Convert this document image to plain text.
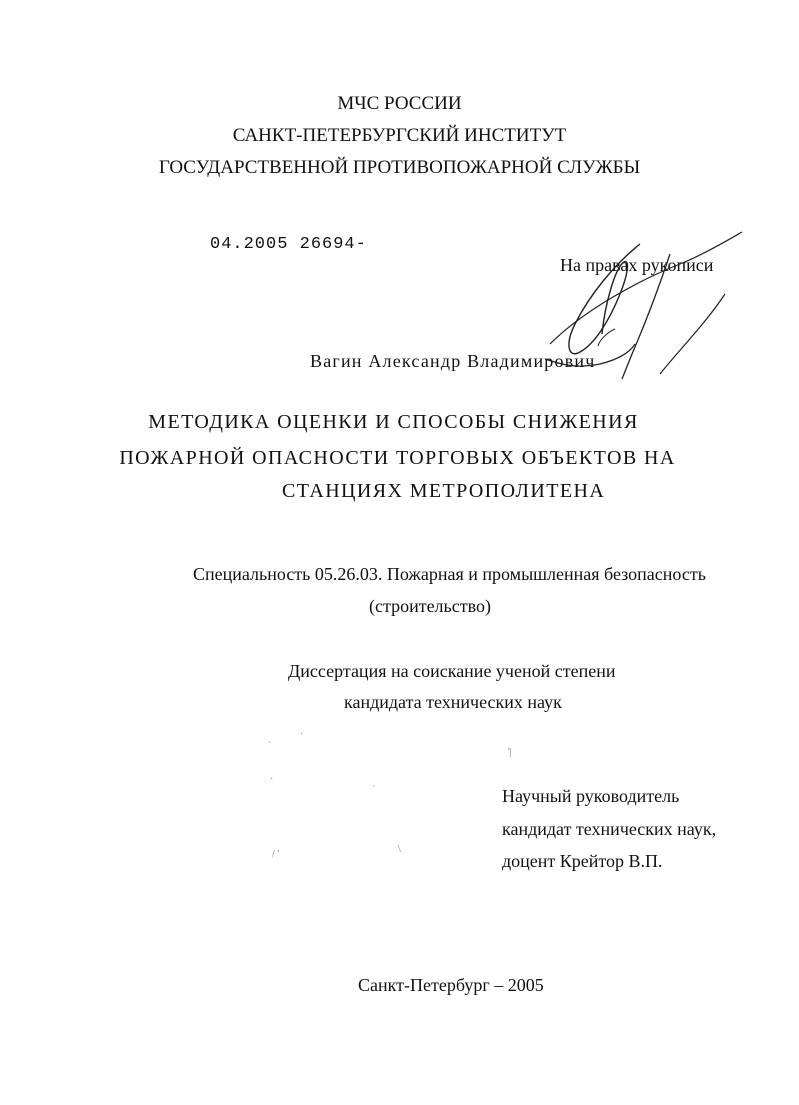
МЧС РОССИИ
САНКТ-ПЕТЕРБУРГСКИЙ ИНСТИТУТ
ГОСУДАРСТВЕННОЙ ПРОТИВОПОЖАРНОЙ СЛУЖБЫ
04.2005 26694-
На правах рукописи
Вагин Александр Владимирович
МЕТОДИКА ОЦЕНКИ И СПОСОБЫ СНИЖЕНИЯ
ПОЖАРНОЙ ОПАСНОСТИ ТОРГОВЫХ ОБЪЕКТОВ НА
СТАНЦИЯХ МЕТРОПОЛИТЕНА
Специальность 05.26.03. Пожарная и промышленная безопасность
(строительство)
Диссертация на соискание ученой степени
кандидата технических наук
ˋ
·
·
ˊ
'|
/ '	\
Научный руководитель
кандидат технических наук,
доцент Крейтор В.П.
Санкт-Петербург – 2005
